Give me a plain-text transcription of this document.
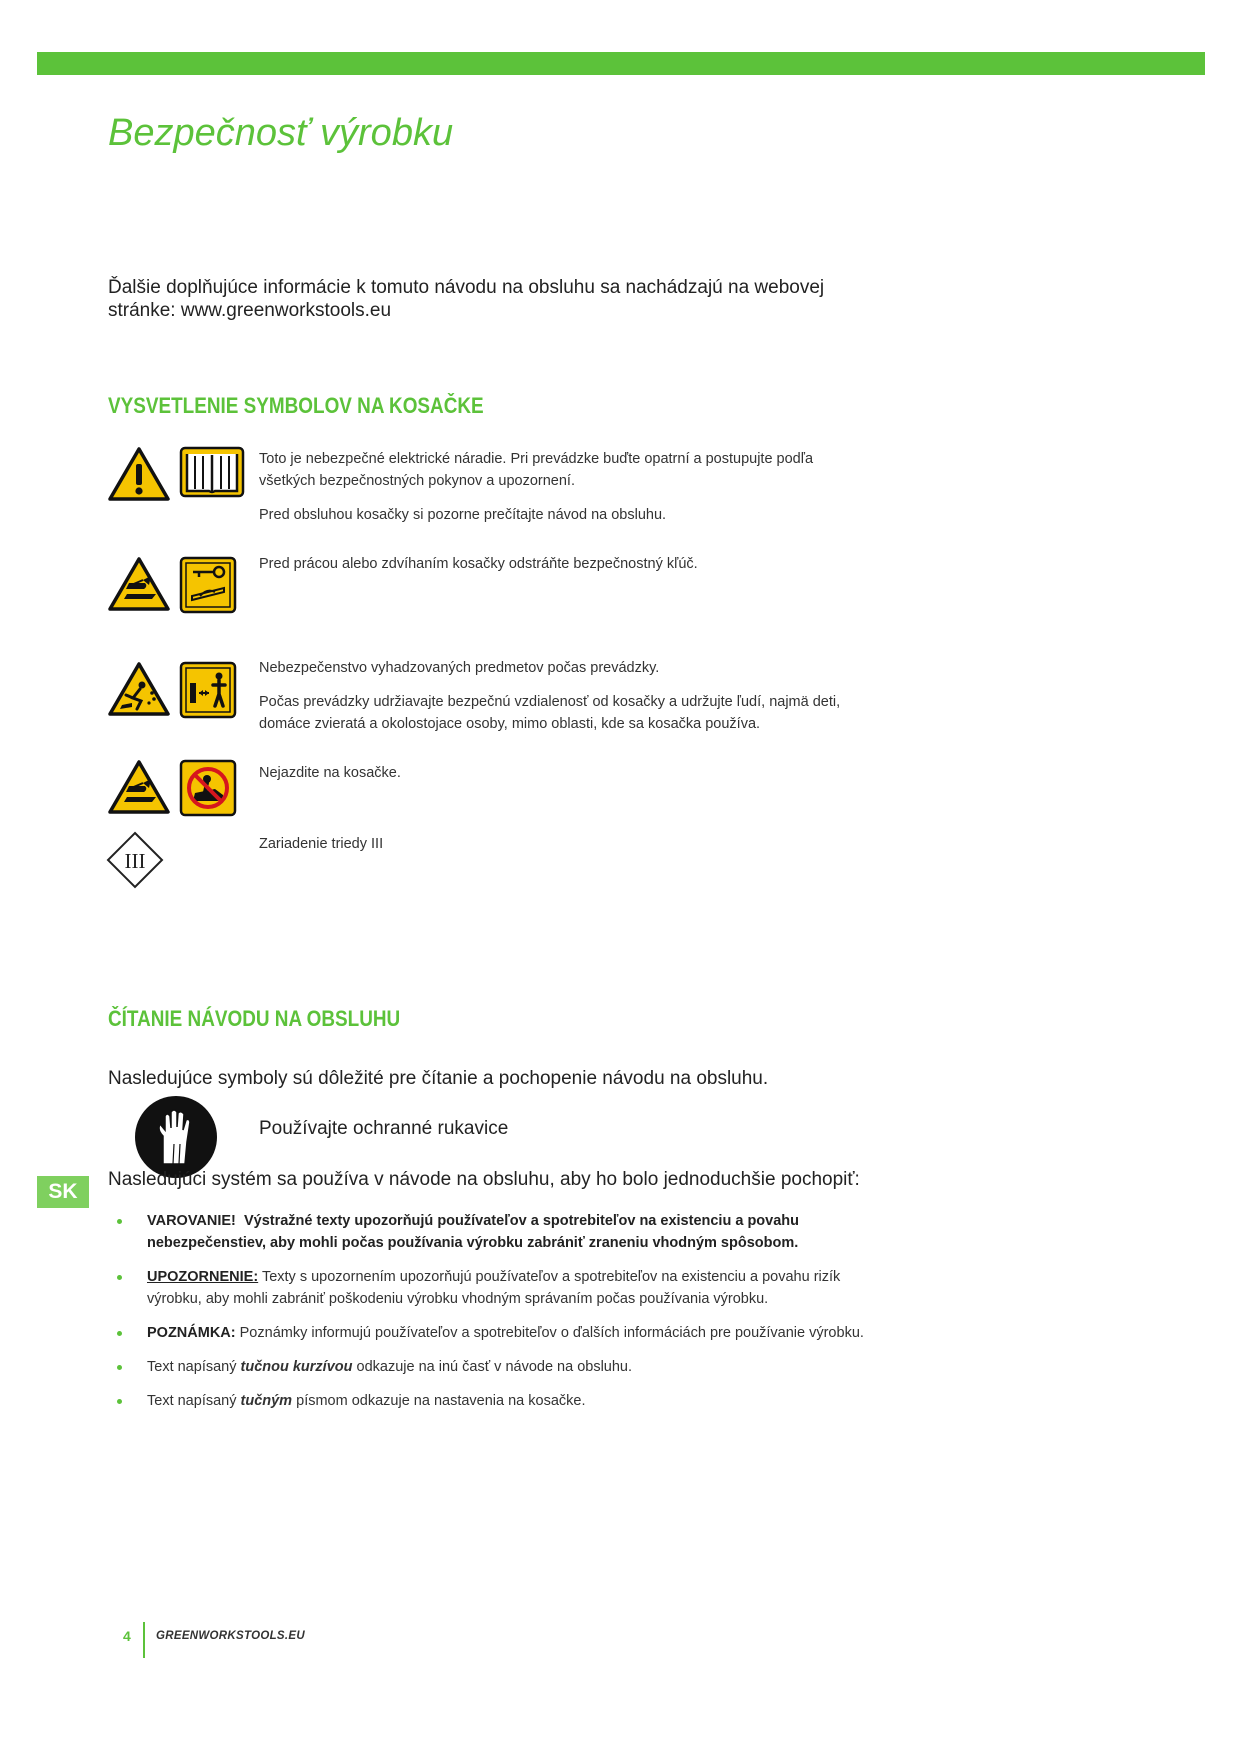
Bezpečnosť výrobku
Ďalšie doplňujúce informácie k tomuto návodu na obsluhu sa nachádzajú na webovej stránke: www.greenworkstools.eu
VYSVETLENIE SYMBOLOV NA KOSAČKE

Toto je nebezpečné elektrické náradie. Pri prevádzke buďte opatrní a postupujte podľa všetkých bezpečnostných pokynov a upozornení.

Pred obsluhou kosačky si pozorne prečítajte návod na obsluhu.

Pred prácou alebo zdvíhaním kosačky odstráňte bezpečnostný kľúč.

Nebezpečenstvo vyhadzovaných predmetov počas prevádzky.

Počas prevádzky udržiavajte bezpečnú vzdialenosť od kosačky a udržujte ľudí, najmä deti, domáce zvieratá a okolostojace osoby, mimo oblasti, kde sa kosačka používa.

Nejazdite na kosačke.

III

Zariadenie triedy III

ČÍTANIE NÁVODU NA OBSLUHU
Nasledujúce symboly sú dôležité pre čítanie a pochopenie návodu na obsluhu.
Používajte ochranné rukavice
SK
Nasledujúci systém sa používa v návode na obsluhu, aby ho bolo jednoduchšie pochopiť:
VAROVANIE! Výstražné texty upozorňujú používateľov a spotrebiteľov na existenciu a povahu nebezpečenstiev, aby mohli počas používania výrobku zabrániť zraneniu vhodným spôsobom.
UPOZORNENIE: Texty s upozornením upozorňujú používateľov a spotrebiteľov na existenciu a povahu rizík výrobku, aby mohli zabrániť poškodeniu výrobku vhodným správaním počas používania výrobku.
POZNÁMKA: Poznámky informujú používateľov a spotrebiteľov o ďalších informáciách pre používanie výrobku.
Text napísaný tučnou kurzívou odkazuje na inú časť v návode na obsluhu.
Text napísaný tučným písmom odkazuje na nastavenia na kosačke.
4 GREENWORKSTOOLS.EU
